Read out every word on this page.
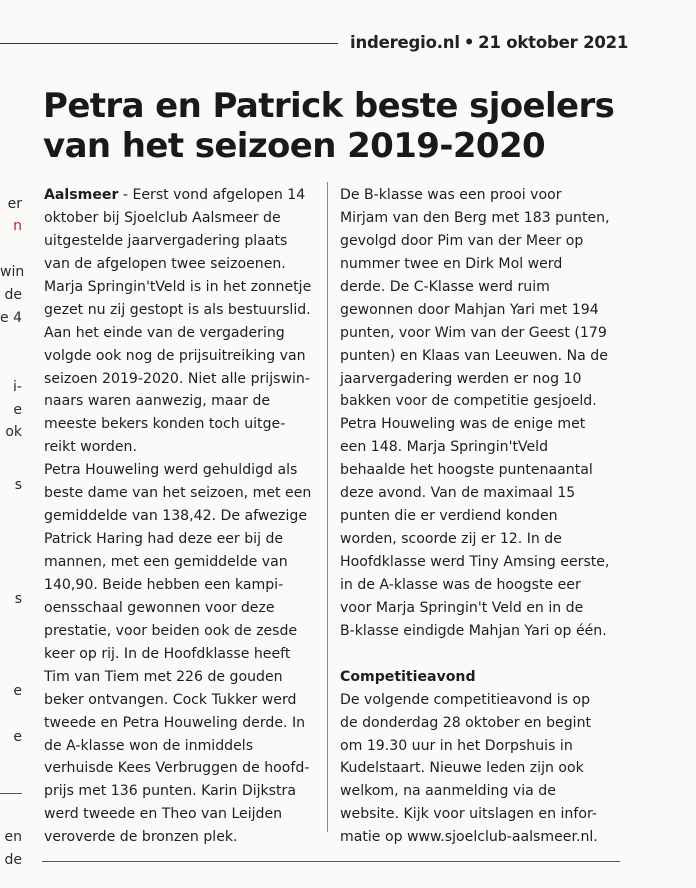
inderegio.nl • 21 oktober 2021
er
n
win
de
e 4
i-
e
ok
s
s
e
e
en
de
Petra en Patrick beste sjoelers
van het seizoen 2019-2020
Aalsmeer - Eerst vond afgelopen 14
oktober bij Sjoelclub Aalsmeer de
uitgestelde jaarvergadering plaats
van de afgelopen twee seizoenen.
Marja Springin'tVeld is in het zonnetje
gezet nu zij gestopt is als bestuurslid.
Aan het einde van de vergadering
volgde ook nog de prijsuitreiking van
seizoen 2019-2020. Niet alle prijswin-
naars waren aanwezig, maar de
meeste bekers konden toch uitge-
reikt worden.
Petra Houweling werd gehuldigd als
beste dame van het seizoen, met een
gemiddelde van 138,42. De afwezige
Patrick Haring had deze eer bij de
mannen, met een gemiddelde van
140,90. Beide hebben een kampi-
oensschaal gewonnen voor deze
prestatie, voor beiden ook de zesde
keer op rij. In de Hoofdklasse heeft
Tim van Tiem met 226 de gouden
beker ontvangen. Cock Tukker werd
tweede en Petra Houweling derde. In
de A-klasse won de inmiddels
verhuisde Kees Verbruggen de hoofd-
prijs met 136 punten. Karin Dijkstra
werd tweede en Theo van Leijden
veroverde de bronzen plek.
De B-klasse was een prooi voor
Mirjam van den Berg met 183 punten,
gevolgd door Pim van der Meer op
nummer twee en Dirk Mol werd
derde. De C-Klasse werd ruim
gewonnen door Mahjan Yari met 194
punten, voor Wim van der Geest (179
punten) en Klaas van Leeuwen. Na de
jaarvergadering werden er nog 10
bakken voor de competitie gesjoeld.
Petra Houweling was de enige met
een 148. Marja Springin'tVeld
behaalde het hoogste puntenaantal
deze avond. Van de maximaal 15
punten die er verdiend konden
worden, scoorde zij er 12. In de
Hoofdklasse werd Tiny Amsing eerste,
in de A-klasse was de hoogste eer
voor Marja Springin't Veld en in de
B-klasse eindigde Mahjan Yari op één.
Competitieavond
De volgende competitieavond is op
de donderdag 28 oktober en begint
om 19.30 uur in het Dorpshuis in
Kudelstaart. Nieuwe leden zijn ook
welkom, na aanmelding via de
website. Kijk voor uitslagen en infor-
matie op www.sjoelclub-aalsmeer.nl.
